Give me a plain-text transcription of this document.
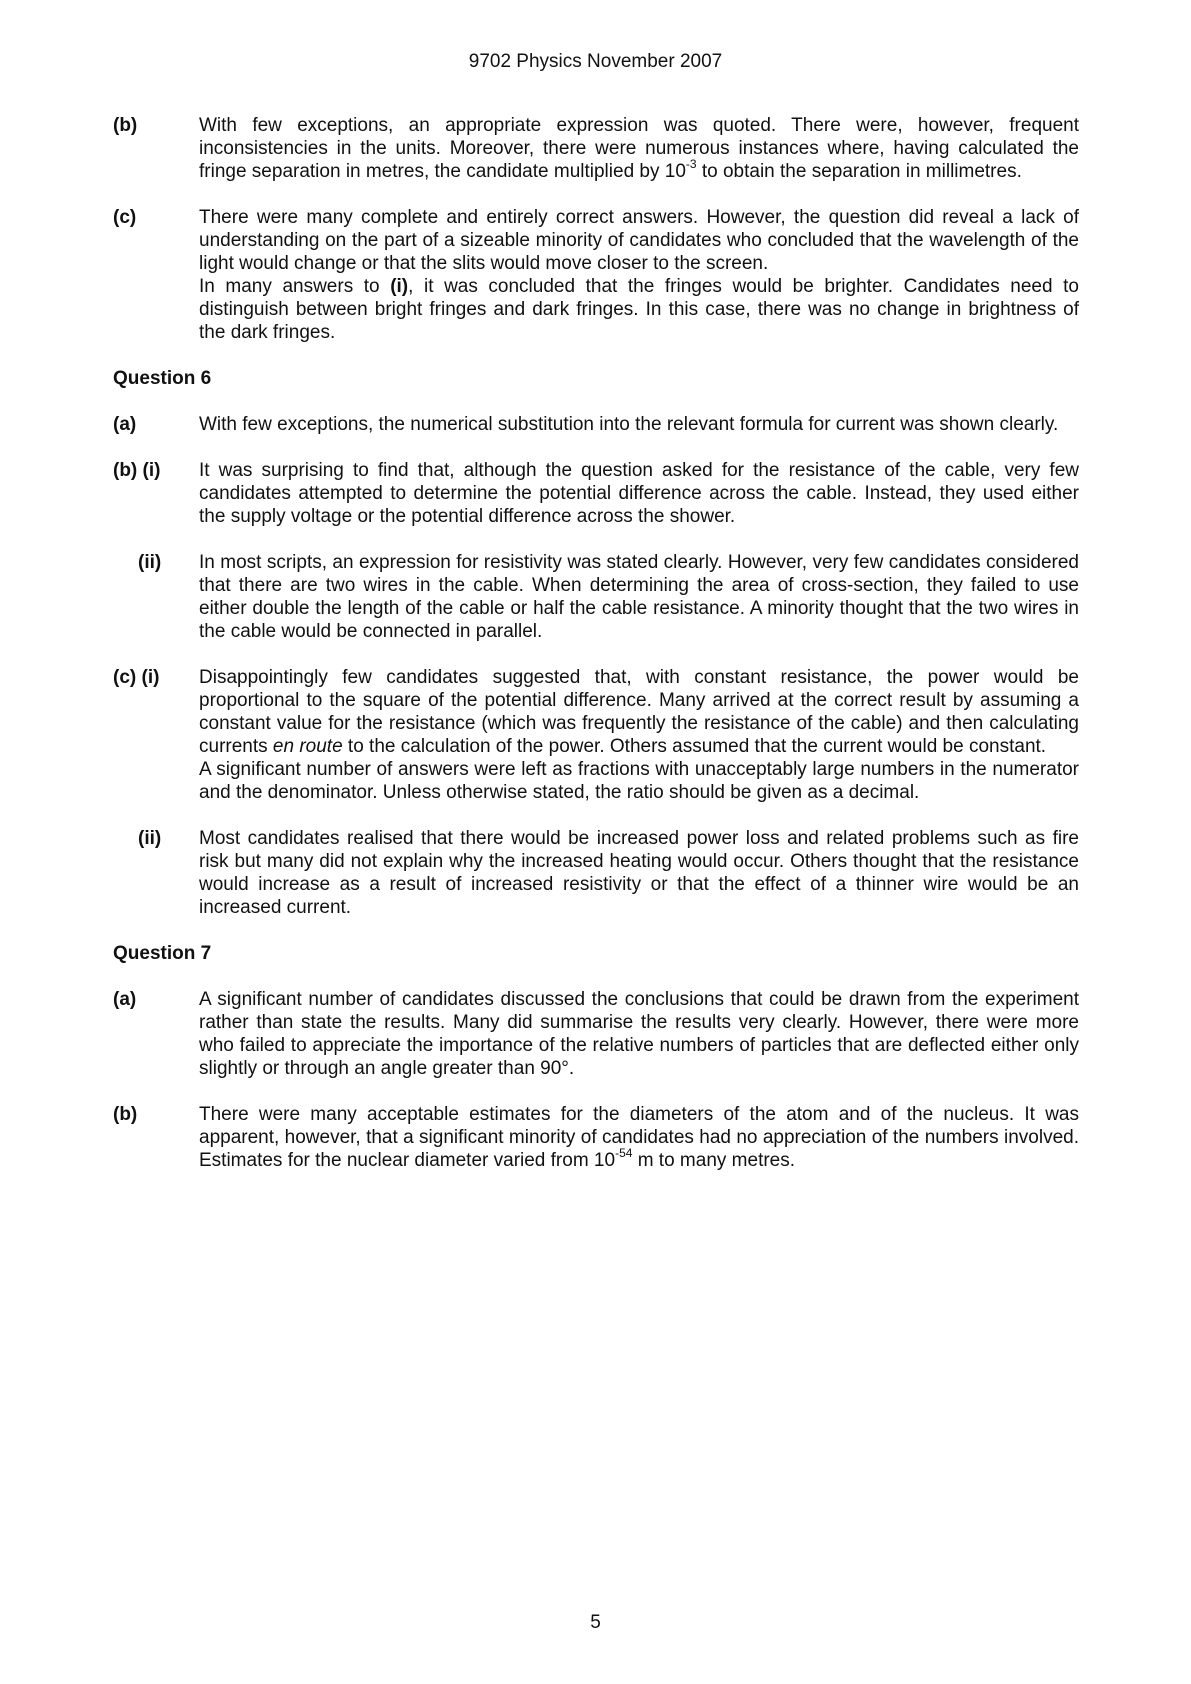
9702 Physics November 2007
(b)	With few exceptions, an appropriate expression was quoted. There were, however, frequent inconsistencies in the units. Moreover, there were numerous instances where, having calculated the fringe separation in metres, the candidate multiplied by $10^{-3}$ to obtain the separation in millimetres.
(c)	There were many complete and entirely correct answers. However, the question did reveal a lack of understanding on the part of a sizeable minority of candidates who concluded that the wavelength of the light would change or that the slits would move closer to the screen.

In many answers to (i), it was concluded that the fringes would be brighter. Candidates need to distinguish between bright fringes and dark fringes. In this case, there was no change in brightness of the dark fringes.

Question 6
(a)	With few exceptions, the numerical substitution into the relevant formula for current was shown clearly.
(b) (i)	It was surprising to find that, although the question asked for the resistance of the cable, very few candidates attempted to determine the potential difference across the cable. Instead, they used either the supply voltage or the potential difference across the shower.
(ii)	In most scripts, an expression for resistivity was stated clearly. However, very few candidates considered that there are two wires in the cable. When determining the area of cross-section, they failed to use either double the length of the cable or half the cable resistance. A minority thought that the two wires in the cable would be connected in parallel.
(c) (i)	Disappointingly few candidates suggested that, with constant resistance, the power would be proportional to the square of the potential difference. Many arrived at the correct result by assuming a constant value for the resistance (which was frequently the resistance of the cable) and then calculating currents en route to the calculation of the power. Others assumed that the current would be constant.

A significant number of answers were left as fractions with unacceptably large numbers in the numerator and the denominator. Unless otherwise stated, the ratio should be given as a decimal.

(ii)	Most candidates realised that there would be increased power loss and related problems such as fire risk but many did not explain why the increased heating would occur. Others thought that the resistance would increase as a result of increased resistivity or that the effect of a thinner wire would be an increased current.
Question 7
(a)	A significant number of candidates discussed the conclusions that could be drawn from the experiment rather than state the results. Many did summarise the results very clearly. However, there were more who failed to appreciate the importance of the relative numbers of particles that are deflected either only slightly or through an angle greater than 90°.
(b)	There were many acceptable estimates for the diameters of the atom and of the nucleus. It was apparent, however, that a significant minority of candidates had no appreciation of the numbers involved. Estimates for the nuclear diameter varied from $10^{-54}$ m to many metres.
5
